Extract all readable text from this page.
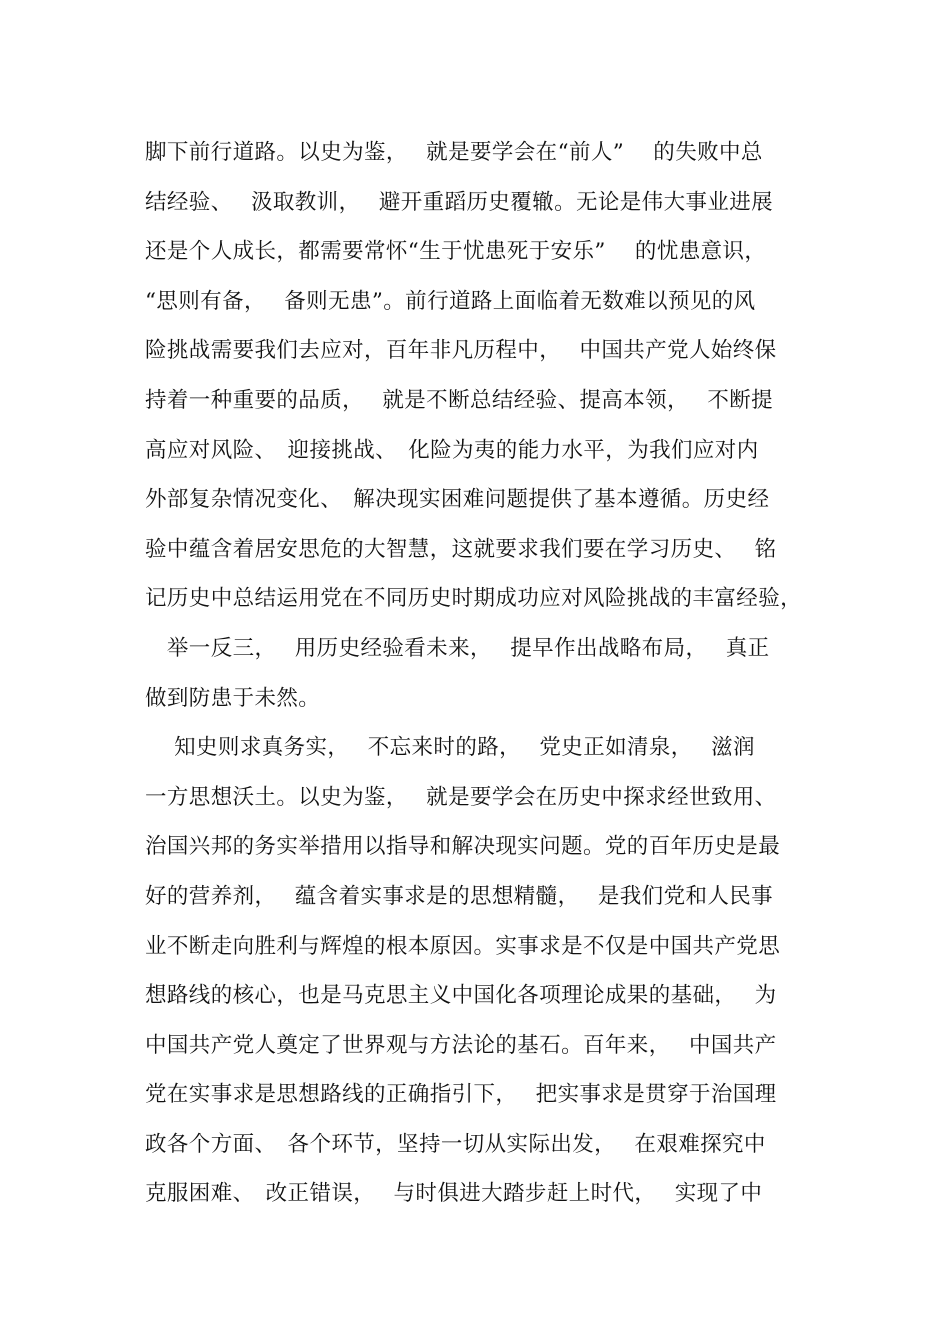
脚下前行道路。以史为鉴，　 就是要学会在“前人”　 的失败中总
结经验、　 汲取教训，　 避开重蹈历史覆辙。无论是伟大事业进展
还是个人成长，都需要常怀“生于忧患死于安乐”　 的忧患意识，
“思则有备，　 备则无患”。前行道路上面临着无数难以预见的风
险挑战需要我们去应对，百年非凡历程中，　 中国共产党人始终保
持着一种重要的品质，　 就是不断总结经验、提高本领，　 不断提
高应对风险、　迎接挑战、　化险为夷的能力水平，为我们应对内
外部复杂情况变化、　解决现实困难问题提供了基本遵循。历史经
验中蕴含着居安思危的大智慧，这就要求我们要在学习历史、　 铭
记历史中总结运用党在不同历史时期成功应对风险挑战的丰富经验，
　举一反三，　 用历史经验看未来，　 提早作出战略布局，　 真正
做到防患于未然。
　 知史则求真务实，　 不忘来时的路，　 党史正如清泉，　 滋润
一方思想沃土。以史为鉴，　 就是要学会在历史中探求经世致用、
治国兴邦的务实举措用以指导和解决现实问题。党的百年历史是最
好的营养剂，　 蕴含着实事求是的思想精髓，　 是我们党和人民事
业不断走向胜利与辉煌的根本原因。实事求是不仅是中国共产党思
想路线的核心，也是马克思主义中国化各项理论成果的基础，　 为
中国共产党人奠定了世界观与方法论的基石。百年来，　 中国共产
党在实事求是思想路线的正确指引下，　 把实事求是贯穿于治国理
政各个方面、　各个环节，坚持一切从实际出发，　 在艰难探究中
克服困难、　改正错误，　 与时俱进大踏步赶上时代，　 实现了中
